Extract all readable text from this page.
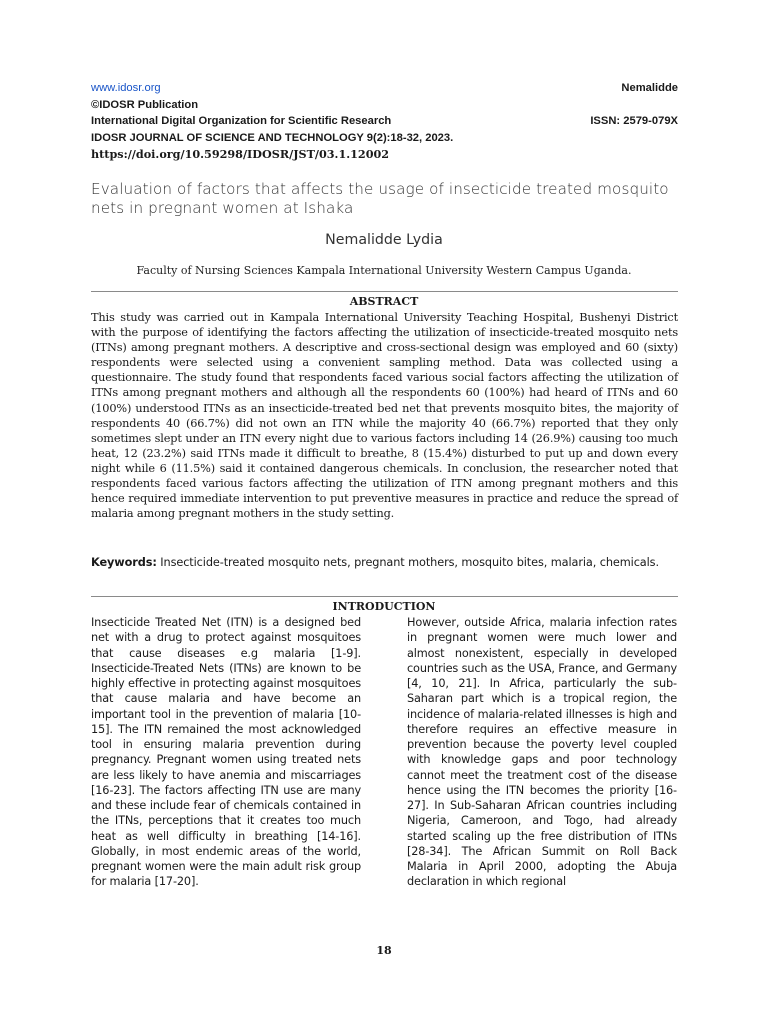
www.idosr.org	Nemalidde
©IDOSR Publication
International Digital Organization for Scientific Research	ISSN: 2579-079X
IDOSR JOURNAL OF SCIENCE AND TECHNOLOGY 9(2):18-32, 2023.
https://doi.org/10.59298/IDOSR/JST/03.1.12002
Evaluation of factors that affects the usage of insecticide treated mosquito nets in pregnant women at Ishaka
Nemalidde Lydia
Faculty of Nursing Sciences Kampala International University Western Campus Uganda.
ABSTRACT
This study was carried out in Kampala International University Teaching Hospital, Bushenyi District with the purpose of identifying the factors affecting the utilization of insecticide-treated mosquito nets (ITNs) among pregnant mothers. A descriptive and cross-sectional design was employed and 60 (sixty) respondents were selected using a convenient sampling method. Data was collected using a questionnaire. The study found that respondents faced various social factors affecting the utilization of ITNs among pregnant mothers and although all the respondents 60 (100%) had heard of ITNs and 60 (100%) understood ITNs as an insecticide-treated bed net that prevents mosquito bites, the majority of respondents 40 (66.7%) did not own an ITN while the majority 40 (66.7%) reported that they only sometimes slept under an ITN every night due to various factors including 14 (26.9%) causing too much heat, 12 (23.2%) said ITNs made it difficult to breathe, 8 (15.4%) disturbed to put up and down every night while 6 (11.5%) said it contained dangerous chemicals. In conclusion, the researcher noted that respondents faced various factors affecting the utilization of ITN among pregnant mothers and this hence required immediate intervention to put preventive measures in practice and reduce the spread of malaria among pregnant mothers in the study setting.
Keywords: Insecticide-treated mosquito nets, pregnant mothers, mosquito bites, malaria, chemicals.
INTRODUCTION
Insecticide Treated Net (ITN) is a designed bed net with a drug to protect against mosquitoes that cause diseases e.g malaria [1-9]. Insecticide-Treated Nets (ITNs) are known to be highly effective in protecting against mosquitoes that cause malaria and have become an important tool in the prevention of malaria [10-15]. The ITN remained the most acknowledged tool in ensuring malaria prevention during pregnancy. Pregnant women using treated nets are less likely to have anemia and miscarriages [16-23]. The factors affecting ITN use are many and these include fear of chemicals contained in the ITNs, perceptions that it creates too much heat as well difficulty in breathing [14-16]. Globally, in most endemic areas of the world, pregnant women were the main adult risk group for malaria [17-20].
However, outside Africa, malaria infection rates in pregnant women were much lower and almost nonexistent, especially in developed countries such as the USA, France, and Germany [4, 10, 21]. In Africa, particularly the sub-Saharan part which is a tropical region, the incidence of malaria-related illnesses is high and therefore requires an effective measure in prevention because the poverty level coupled with knowledge gaps and poor technology cannot meet the treatment cost of the disease hence using the ITN becomes the priority [16-27]. In Sub-Saharan African countries including Nigeria, Cameroon, and Togo, had already started scaling up the free distribution of ITNs [28-34]. The African Summit on Roll Back Malaria in April 2000, adopting the Abuja declaration in which regional
18
